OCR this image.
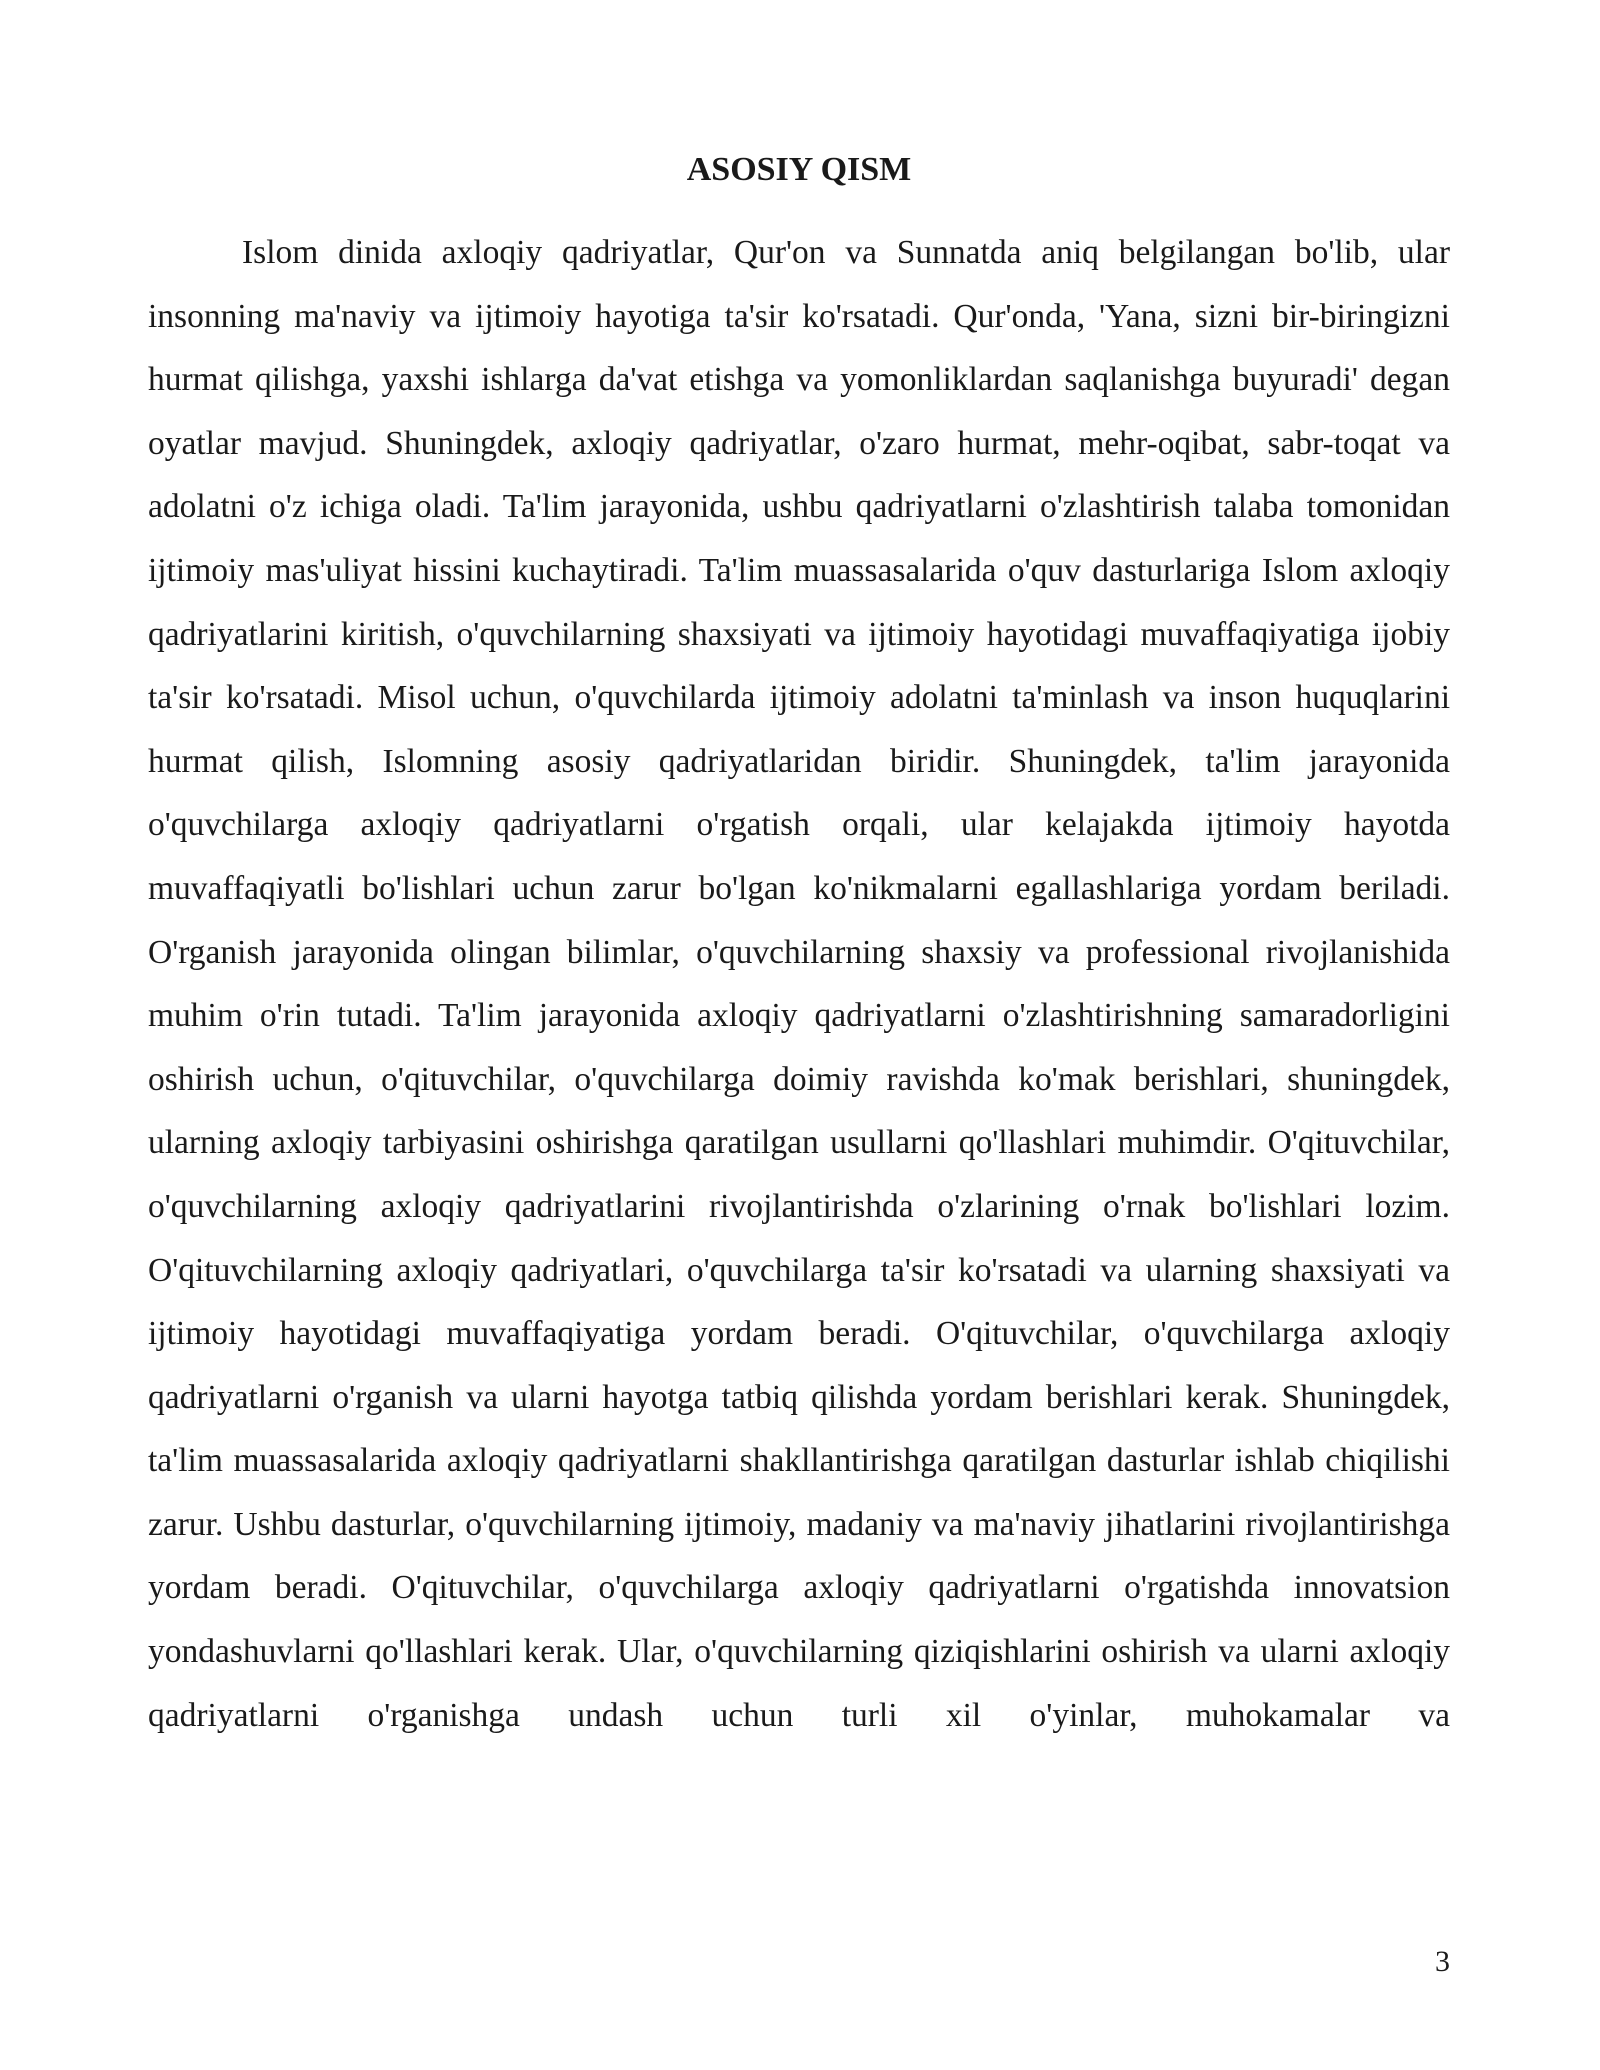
ASOSIY QISM

Islom dinida axloqiy qadriyatlar, Qur'on va Sunnatda aniq belgilangan bo'lib, ular insonning ma'naviy va ijtimoiy hayotiga ta'sir ko'rsatadi. Qur'onda, 'Yana, sizni bir-biringizni hurmat qilishga, yaxshi ishlarga da'vat etishga va yomonliklardan saqlanishga buyuradi' degan oyatlar mavjud. Shuningdek, axloqiy qadriyatlar, o'zaro hurmat, mehr-oqibat, sabr-toqat va adolatni o'z ichiga oladi. Ta'lim jarayonida, ushbu qadriyatlarni o'zlashtirish talaba tomonidan ijtimoiy mas'uliyat hissini kuchaytiradi. Ta'lim muassasalarida o'quv dasturlariga Islom axloqiy qadriyatlarini kiritish, o'quvchilarning shaxsiyati va ijtimoiy hayotidagi muvaffaqiyatiga ijobiy ta'sir ko'rsatadi. Misol uchun, o'quvchilarda ijtimoiy adolatni ta'minlash va inson huquqlarini hurmat qilish, Islomning asosiy qadriyatlaridan biridir. Shuningdek, ta'lim jarayonida o'quvchilarga axloqiy qadriyatlarni o'rgatish orqali, ular kelajakda ijtimoiy hayotda muvaffaqiyatli bo'lishlari uchun zarur bo'lgan ko'nikmalarni egallashlariga yordam beriladi. O'rganish jarayonida olingan bilimlar, o'quvchilarning shaxsiy va professional rivojlanishida muhim o'rin tutadi. Ta'lim jarayonida axloqiy qadriyatlarni o'zlashtirishning samaradorligini oshirish uchun, o'qituvchilar, o'quvchilarga doimiy ravishda ko'mak berishlari, shuningdek, ularning axloqiy tarbiyasini oshirishga qaratilgan usullarni qo'llashlari muhimdir. O'qituvchilar, o'quvchilarning axloqiy qadriyatlarini rivojlantirishda o'zlarining o'rnak bo'lishlari lozim. O'qituvchilarning axloqiy qadriyatlari, o'quvchilarga ta'sir ko'rsatadi va ularning shaxsiyati va ijtimoiy hayotidagi muvaffaqiyatiga yordam beradi. O'qituvchilar, o'quvchilarga axloqiy qadriyatlarni o'rganish va ularni hayotga tatbiq qilishda yordam berishlari kerak. Shuningdek, ta'lim muassasalarida axloqiy qadriyatlarni shakllantirishga qaratilgan dasturlar ishlab chiqilishi zarur. Ushbu dasturlar, o'quvchilarning ijtimoiy, madaniy va ma'naviy jihatlarini rivojlantirishga yordam beradi. O'qituvchilar, o'quvchilarga axloqiy qadriyatlarni o'rgatishda innovatsion yondashuvlarni qo'llashlari kerak. Ular, o'quvchilarning qiziqishlarini oshirish va ularni axloqiy qadriyatlarni o'rganishga undash uchun turli xil o'yinlar, muhokamalar va

3
